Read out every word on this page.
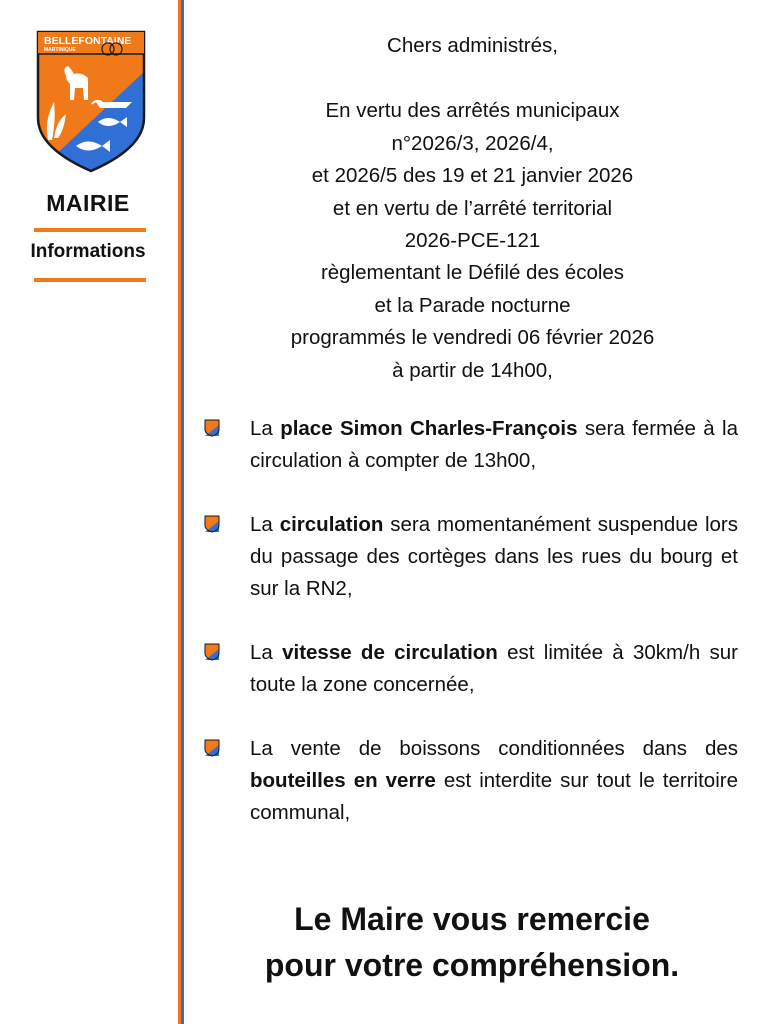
BELLEFONTAINE
MARTINIQUE
MAIRIE
Informations

Chers administrés,

En vertu des arrêtés municipaux

n°2026/3, 2026/4,

et 2026/5 des 19 et 21 janvier 2026

et en vertu de l’arrêté territorial

2026-PCE-121

règlementant le Défilé des écoles

et la Parade nocturne

programmés le vendredi 06 février 2026

à partir de 14h00,

La place Simon Charles-François sera fermée à la circulation à compter de 13h00,
La circulation sera momentanément suspendue lors du passage des cortèges dans les rues du bourg et sur la RN2,
La vitesse de circulation est limitée à 30km/h sur toute la zone concernée,
La vente de boissons conditionnées dans des bouteilles en verre est interdite sur tout le territoire communal,
Le Maire vous remercie
pour votre compréhension.
